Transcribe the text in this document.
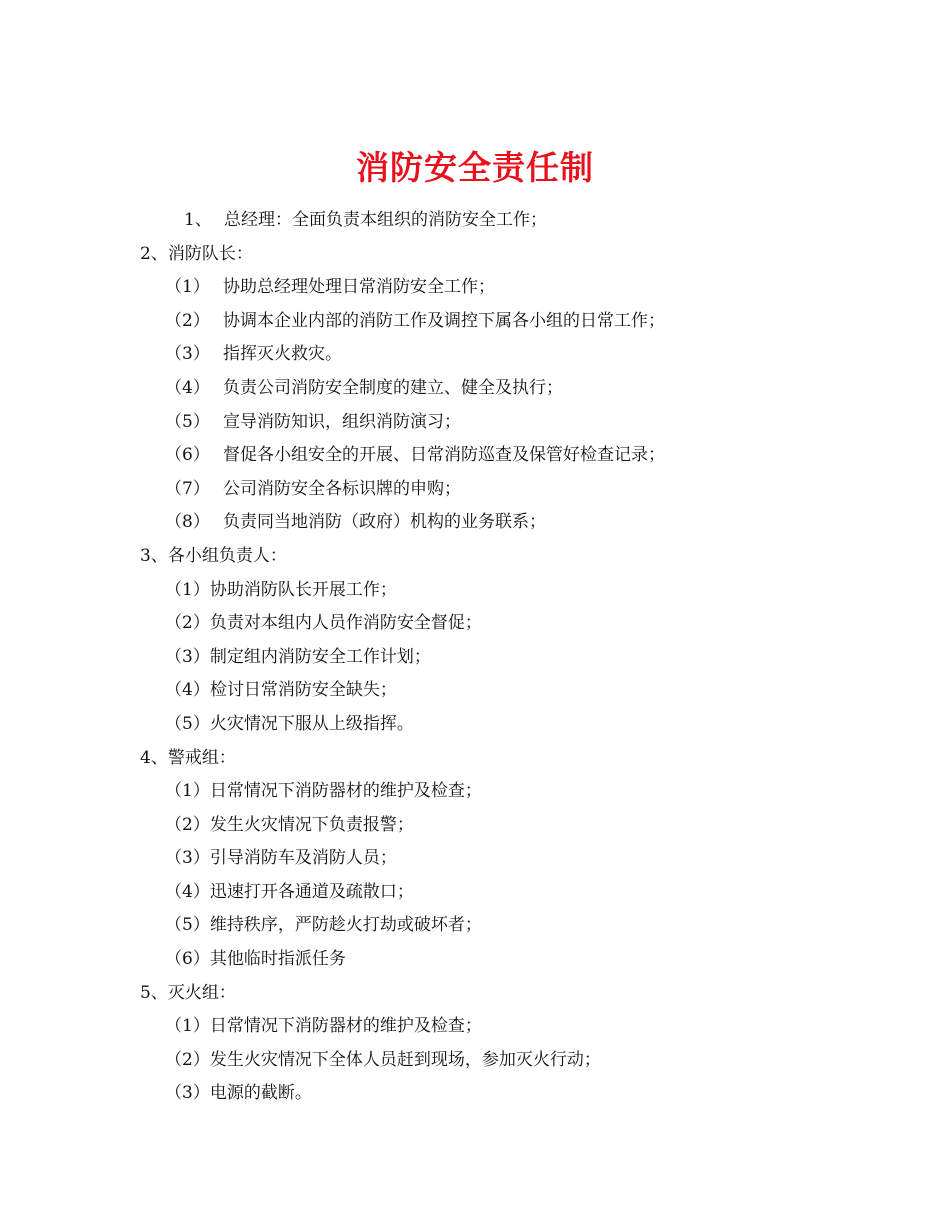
消防安全责任制
1、 总经理：全面负责本组织的消防安全工作；
2、消防队长：
（1） 协助总经理处理日常消防安全工作；
（2） 协调本企业内部的消防工作及调控下属各小组的日常工作；
（3） 指挥灭火救灾。
（4） 负责公司消防安全制度的建立、健全及执行；
（5） 宣导消防知识，组织消防演习；
（6） 督促各小组安全的开展、日常消防巡查及保管好检查记录；
（7） 公司消防安全各标识牌的申购；
（8） 负责同当地消防（政府）机构的业务联系；
3、各小组负责人：
（1）协助消防队长开展工作；
（2）负责对本组内人员作消防安全督促；
（3）制定组内消防安全工作计划；
（4）检讨日常消防安全缺失；
（5）火灾情况下服从上级指挥。
4、警戒组：
（1）日常情况下消防器材的维护及检查；
（2）发生火灾情况下负责报警；
（3）引导消防车及消防人员；
（4）迅速打开各通道及疏散口；
（5）维持秩序，严防趁火打劫或破坏者；
（6）其他临时指派任务
5、灭火组：
（1）日常情况下消防器材的维护及检查；
（2）发生火灾情况下全体人员赶到现场，参加灭火行动；
（3）电源的截断。
